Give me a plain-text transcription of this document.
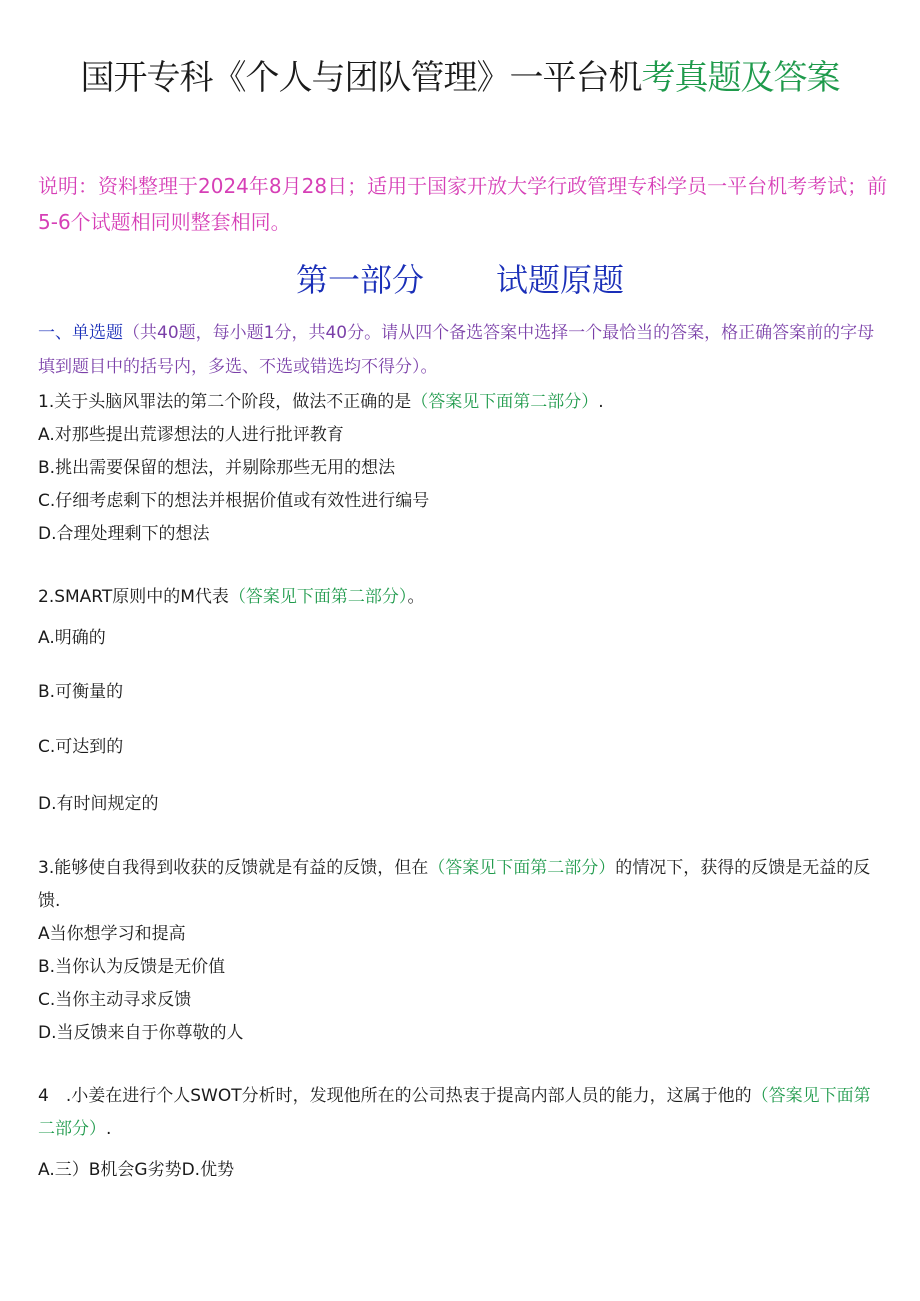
国开专科《个人与团队管理》一平台机考真题及答案
说明：资料整理于2024年8月28日；适用于国家开放大学行政管理专科学员一平台机考考试；前5-6个试题相同则整套相同。
第一部分 试题原题
一、单选题（共40题，每小题1分，共40分。请从四个备选答案中选择一个最恰当的答案，格正确答案前的字母填到题目中的括号内，多选、不选或错选均不得分）。
1.关于头脑风罪法的第二个阶段，做法不正确的是（答案见下面第二部分）.
A.对那些提出荒谬想法的人进行批评教育
B.挑出需要保留的想法，并剔除那些无用的想法
C.仔细考虑剩下的想法并根据价值或有效性进行编号
D.合理处理剩下的想法
2.SMART原则中的M代表（答案见下面第二部分）。
A.明确的
B.可衡量的
C.可达到的
D.有时间规定的
3.能够使自我得到收获的反馈就是有益的反馈，但在（答案见下面第二部分）的情况下，获得的反馈是无益的反馈.
A当你想学习和提高
B.当你认为反馈是无价值
C.当你主动寻求反馈
D.当反馈来自于你尊敬的人
4　.小姜在进行个人SWOT分析时，发现他所在的公司热衷于提高内部人员的能力，这属于他的（答案见下面第二部分）.
A.三）B机会G劣势D.优势
